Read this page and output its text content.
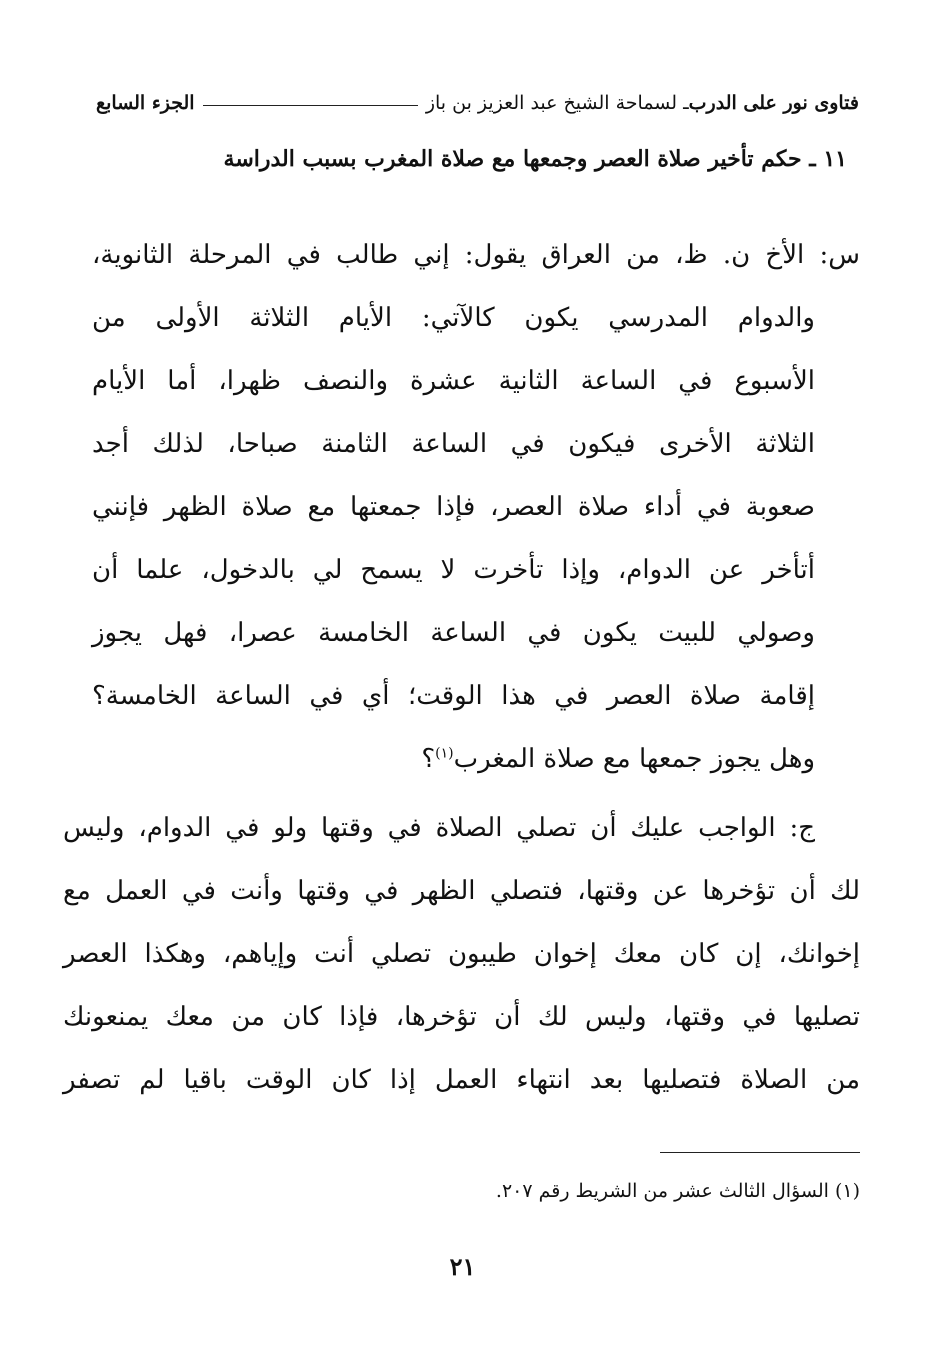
فتاوى نور على الدرب
ـ لسماحة الشيخ عبد العزيز بن باز
الجزء السابع
١١ ـ حكم تأخير صلاة العصر وجمعها مع صلاة المغرب بسبب الدراسة
س: الأخ ن. ظ، من العراق يقول: إني طالب في المرحلة الثانوية،
والدوام المدرسي يكون كالآتي: الأيام الثلاثة الأولى من
الأسبوع في الساعة الثانية عشرة والنصف ظهرا، أما الأيام
الثلاثة الأخرى فيكون في الساعة الثامنة صباحا، لذلك أجد
صعوبة في أداء صلاة العصر، فإذا جمعتها مع صلاة الظهر فإنني
أتأخر عن الدوام، وإذا تأخرت لا يسمح لي بالدخول، علما أن
وصولي للبيت يكون في الساعة الخامسة عصرا، فهل يجوز
إقامة صلاة العصر في هذا الوقت؛ أي في الساعة الخامسة؟
وهل يجوز جمعها مع صلاة المغرب$^{(١)}$؟
ج: الواجب عليك أن تصلي الصلاة في وقتها ولو في الدوام، وليس
لك أن تؤخرها عن وقتها، فتصلي الظهر في وقتها وأنت في العمل مع
إخوانك، إن كان معك إخوان طيبون تصلي أنت وإياهم، وهكذا العصر
تصليها في وقتها، وليس لك أن تؤخرها، فإذا كان من معك يمنعونك
من الصلاة فتصليها بعد انتهاء العمل إذا كان الوقت باقيا لم تصفر
(١) السؤال الثالث عشر من الشريط رقم ٢٠٧.
٢١
